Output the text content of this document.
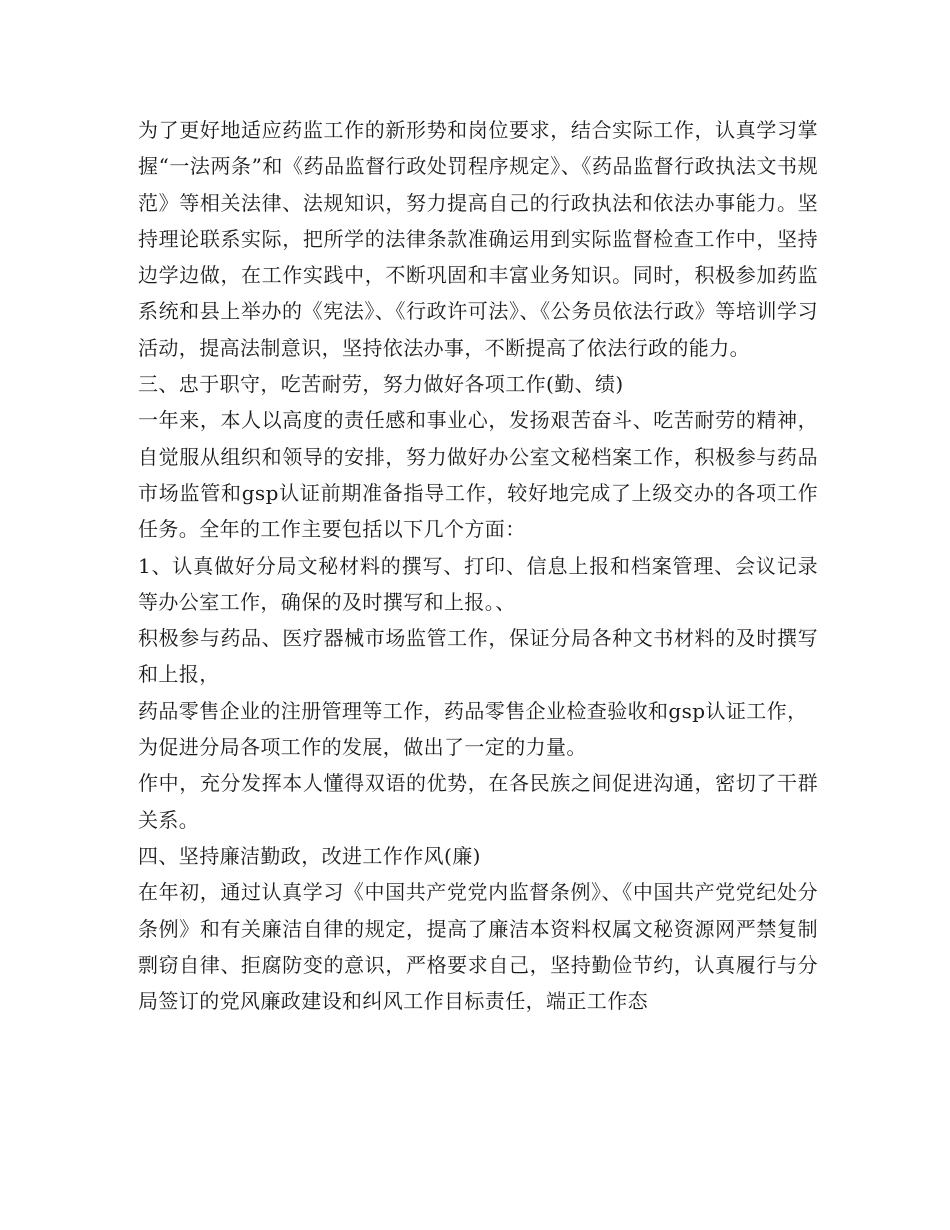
为了更好地适应药监工作的新形势和岗位要求，结合实际工作，认真学习掌握“一法两条”和《药品监督行政处罚程序规定》、《药品监督行政执法文书规范》等相关法律、法规知识，努力提高自己的行政执法和依法办事能力。坚持理论联系实际，把所学的法律条款准确运用到实际监督检查工作中，坚持边学边做，在工作实践中，不断巩固和丰富业务知识。同时，积极参加药监系统和县上举办的《宪法》、《行政许可法》、《公务员依法行政》等培训学习活动，提高法制意识，坚持依法办事，不断提高了依法行政的能力。

三、忠于职守，吃苦耐劳，努力做好各项工作(勤、绩)

一年来，本人以高度的责任感和事业心，发扬艰苦奋斗、吃苦耐劳的精神，自觉服从组织和领导的安排，努力做好办公室文秘档案工作，积极参与药品市场监管和gsp认证前期准备指导工作，较好地完成了上级交办的各项工作任务。全年的工作主要包括以下几个方面：

1、认真做好分局文秘材料的撰写、打印、信息上报和档案管理、会议记录等办公室工作，确保的及时撰写和上报。、

积极参与药品、医疗器械市场监管工作，保证分局各种文书材料的及时撰写和上报，

药品零售企业的注册管理等工作，药品零售企业检查验收和gsp认证工作，

为促进分局各项工作的发展，做出了一定的力量。

作中，充分发挥本人懂得双语的优势，在各民族之间促进沟通，密切了干群关系。

四、坚持廉洁勤政，改进工作作风(廉)

在年初，通过认真学习《中国共产党党内监督条例》、《中国共产党党纪处分条例》和有关廉洁自律的规定，提高了廉洁本资料权属文秘资源网严禁复制剽窃自律、拒腐防变的意识，严格要求自己，坚持勤俭节约，认真履行与分局签订的党风廉政建设和纠风工作目标责任，端正工作态
